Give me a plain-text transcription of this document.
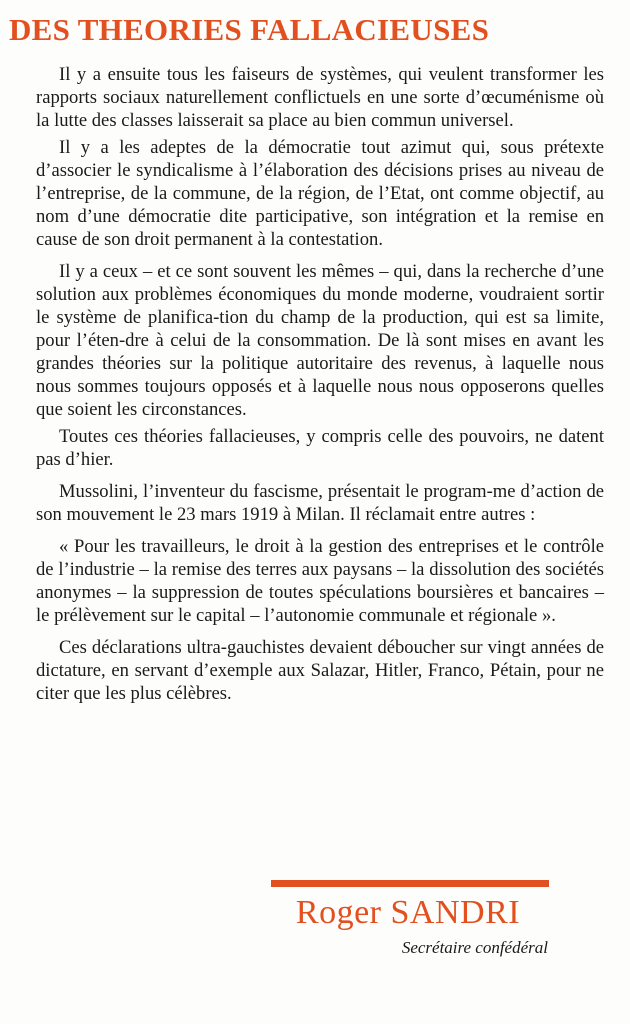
DES THEORIES FALLACIEUSES

Il y a ensuite tous les faiseurs de systèmes, qui veulent transformer les rapports sociaux naturellement conflictuels en une sorte d’œcuménisme où la lutte des classes laisserait sa place au bien commun universel.

Il y a les adeptes de la démocratie tout azimut qui, sous prétexte d’associer le syndicalisme à l’élaboration des décisions prises au niveau de l’entreprise, de la commune, de la région, de l’Etat, ont comme objectif, au nom d’une démocratie dite participative, son intégration et la remise en cause de son droit permanent à la contestation.

Il y a ceux – et ce sont souvent les mêmes – qui, dans la recherche d’une solution aux problèmes économiques du monde moderne, voudraient sortir le système de planifica-tion du champ de la production, qui est sa limite, pour l’éten-dre à celui de la consommation. De là sont mises en avant les grandes théories sur la politique autoritaire des revenus, à laquelle nous nous sommes toujours opposés et à laquelle nous nous opposerons quelles que soient les circonstances.

Toutes ces théories fallacieuses, y compris celle des pouvoirs, ne datent pas d’hier.

Mussolini, l’inventeur du fascisme, présentait le program-me d’action de son mouvement le 23 mars 1919 à Milan. Il réclamait entre autres :

« Pour les travailleurs, le droit à la gestion des entreprises et le contrôle de l’industrie – la remise des terres aux paysans – la dissolution des sociétés anonymes – la suppression de toutes spéculations boursières et bancaires – le prélèvement sur le capital – l’autonomie communale et régionale ».

Ces déclarations ultra-gauchistes devaient déboucher sur vingt années de dictature, en servant d’exemple aux Salazar, Hitler, Franco, Pétain, pour ne citer que les plus célèbres.

Roger SANDRI
Secrétaire confédéral
